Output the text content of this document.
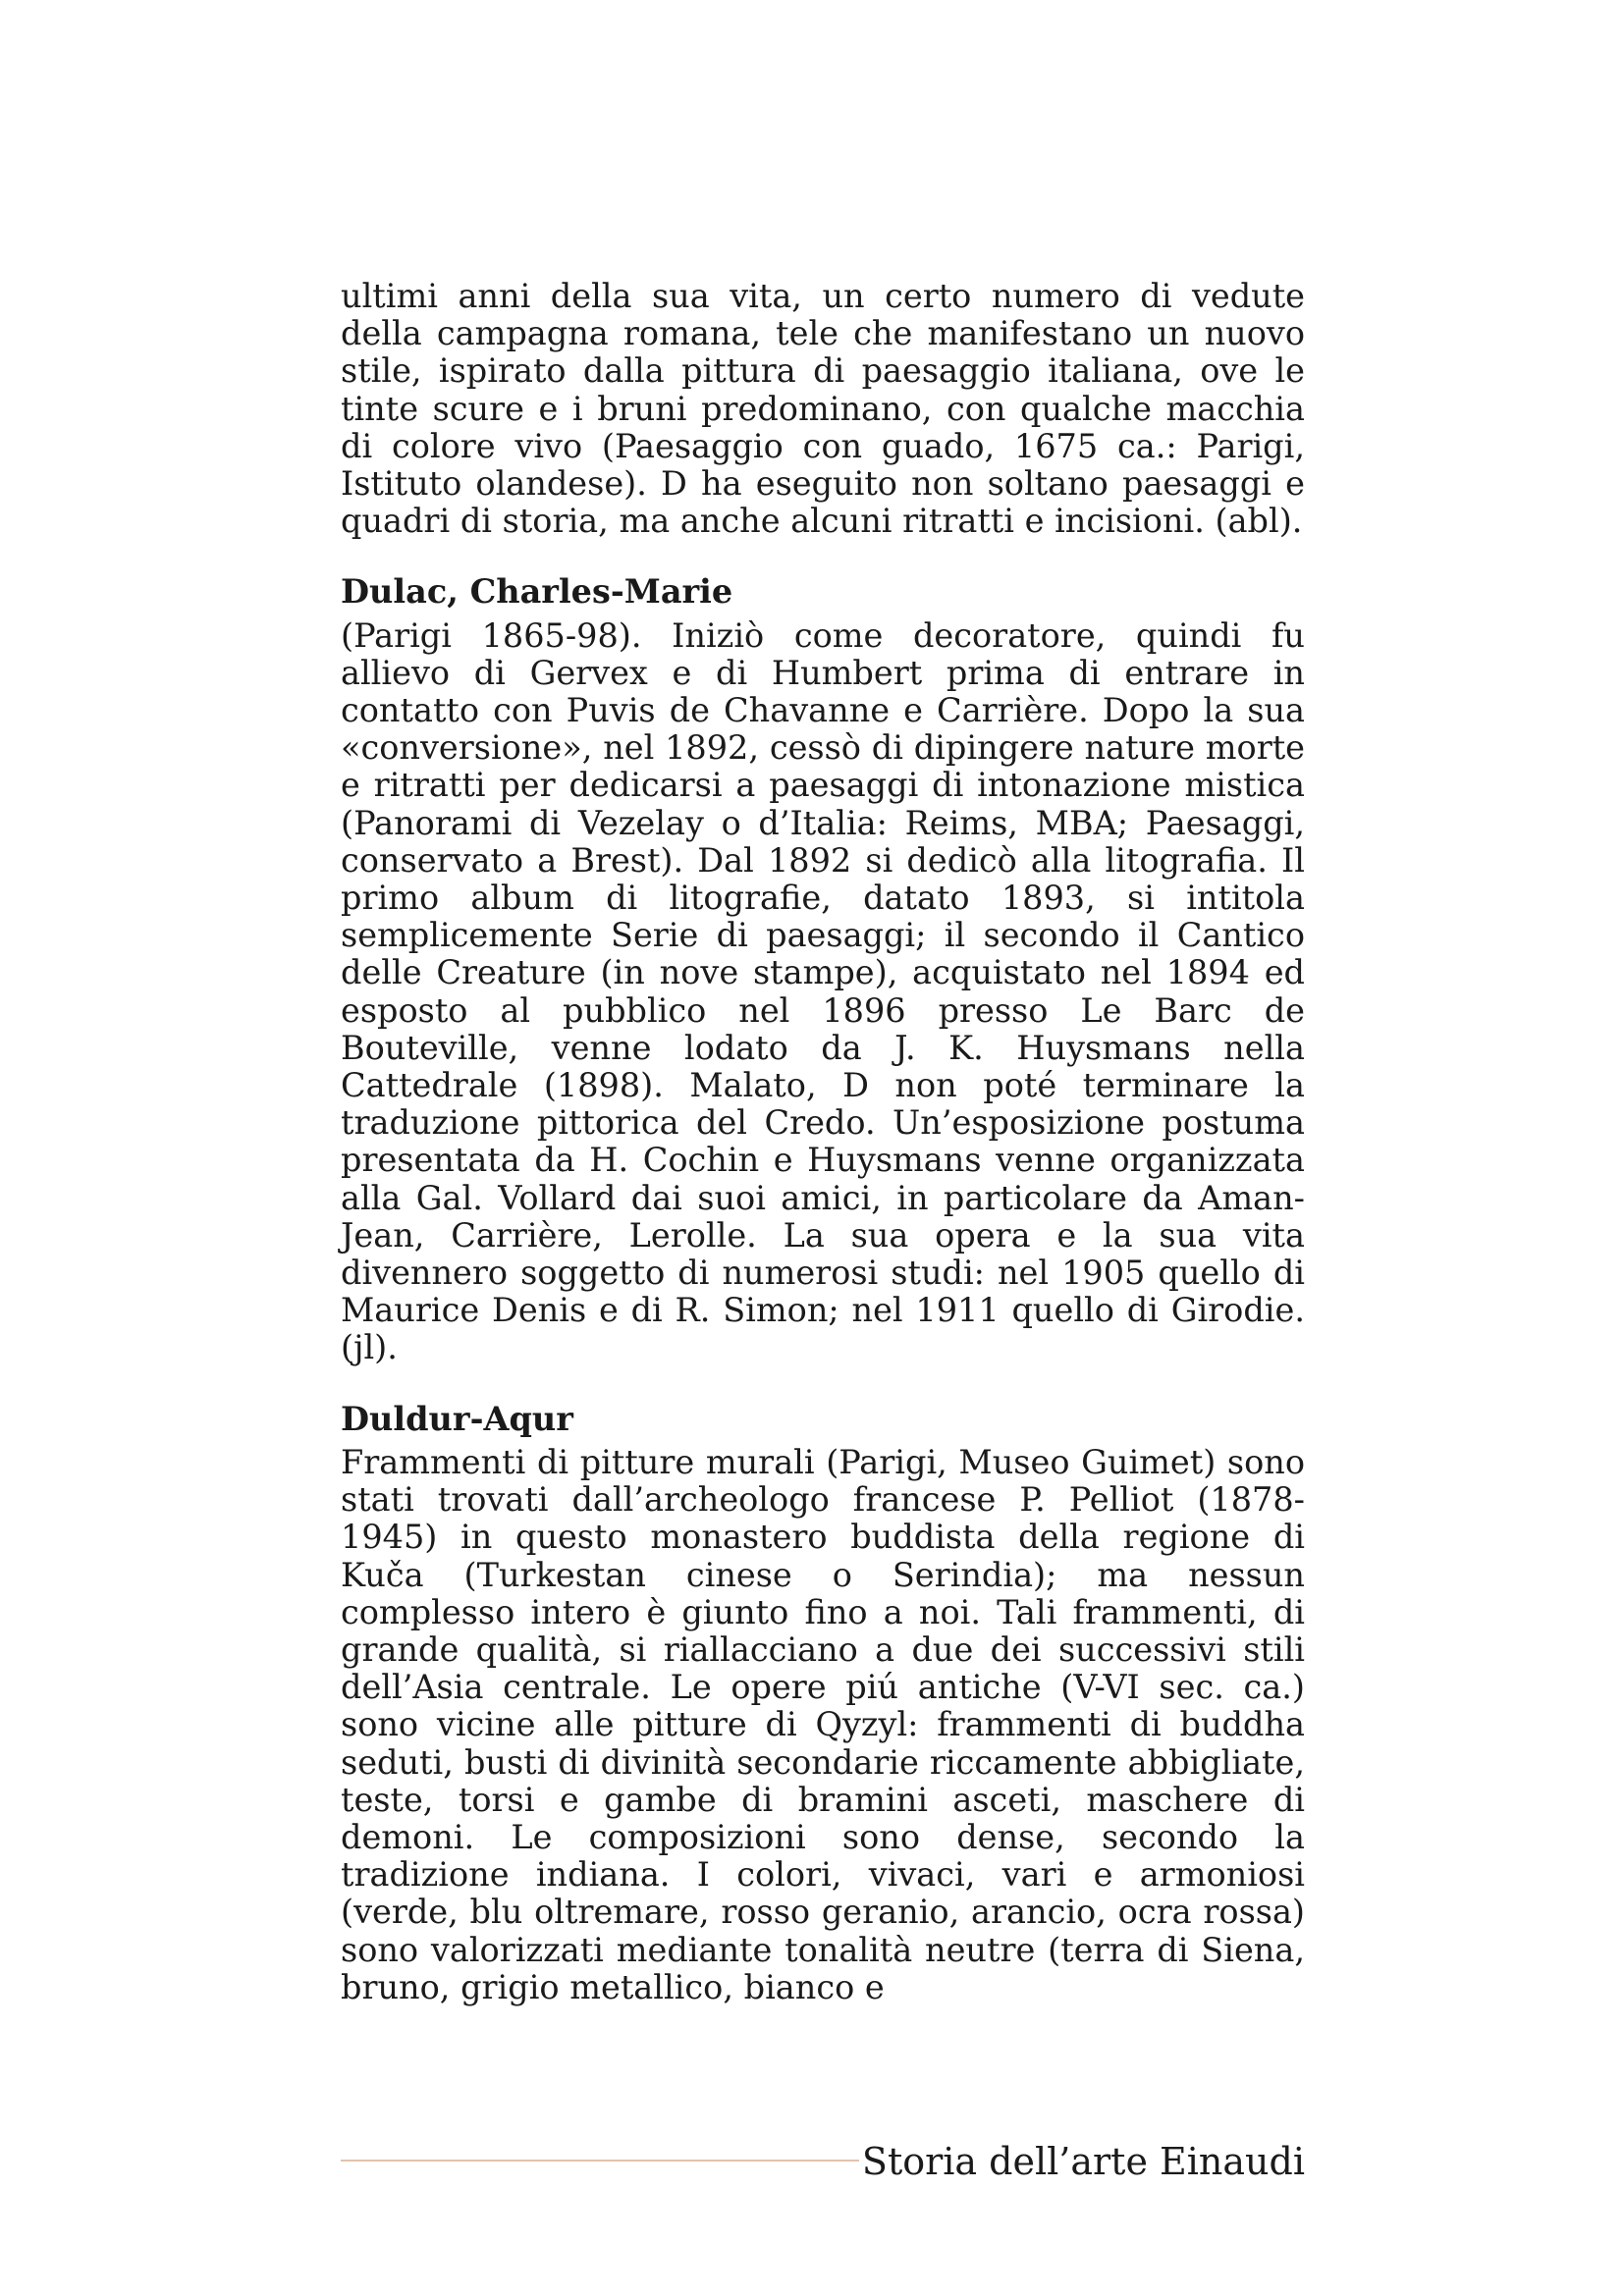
ultimi anni della sua vita, un certo numero di vedute della campagna romana, tele che manifestano un nuovo stile, ispirato dalla pittura di paesaggio italiana, ove le tinte scure e i bruni predominano, con qualche macchia di colore vivo (Paesaggio con guado, 1675 ca.: Parigi, Istituto olandese). D ha eseguito non soltano paesaggi e quadri di storia, ma anche alcuni ritratti e incisioni. (abl).

Dulac, Charles-Marie

(Parigi 1865-98). Iniziò come decoratore, quindi fu allievo di Gervex e di Humbert prima di entrare in contatto con Puvis de Chavanne e Carrière. Dopo la sua «conversione», nel 1892, cessò di dipingere nature morte e ritratti per dedicarsi a paesaggi di intonazione mistica (Panorami di Vezelay o d’Italia: Reims, MBA; Paesaggi, conservato a Brest). Dal 1892 si dedicò alla litografia. Il primo album di litografie, datato 1893, si intitola semplicemente Serie di paesaggi; il secondo il Cantico delle Creature (in nove stampe), acquistato nel 1894 ed esposto al pubblico nel 1896 presso Le Barc de Bouteville, venne lodato da J. K. Huysmans nella Cattedrale (1898). Malato, D non poté terminare la traduzione pittorica del Credo. Un’esposizione postuma presentata da H. Cochin e Huysmans venne organizzata alla Gal. Vollard dai suoi amici, in particolare da Aman-Jean, Carrière, Lerolle. La sua opera e la sua vita divennero soggetto di numerosi studi: nel 1905 quello di Maurice Denis e di R. Simon; nel 1911 quello di Girodie. (jl).

Duldur-Aqur

Frammenti di pitture murali (Parigi, Museo Guimet) sono stati trovati dall’archeologo francese P. Pelliot (1878-1945) in questo monastero buddista della regione di Kuča (Turkestan cinese o Serindia); ma nessun complesso intero è giunto fino a noi. Tali frammenti, di grande qualità, si riallacciano a due dei successivi stili dell’Asia centrale. Le opere piú antiche (V-VI sec. ca.) sono vicine alle pitture di Qyzyl: frammenti di buddha seduti, busti di divinità secondarie riccamente abbigliate, teste, torsi e gambe di bramini asceti, maschere di demoni. Le composizioni sono dense, secondo la tradizione indiana. I colori, vivaci, vari e armoniosi (verde, blu oltremare, rosso geranio, arancio, ocra rossa) sono valorizzati mediante tonalità neutre (terra di Siena, bruno, grigio metallico, bianco e

Storia dell’arte Einaudi
